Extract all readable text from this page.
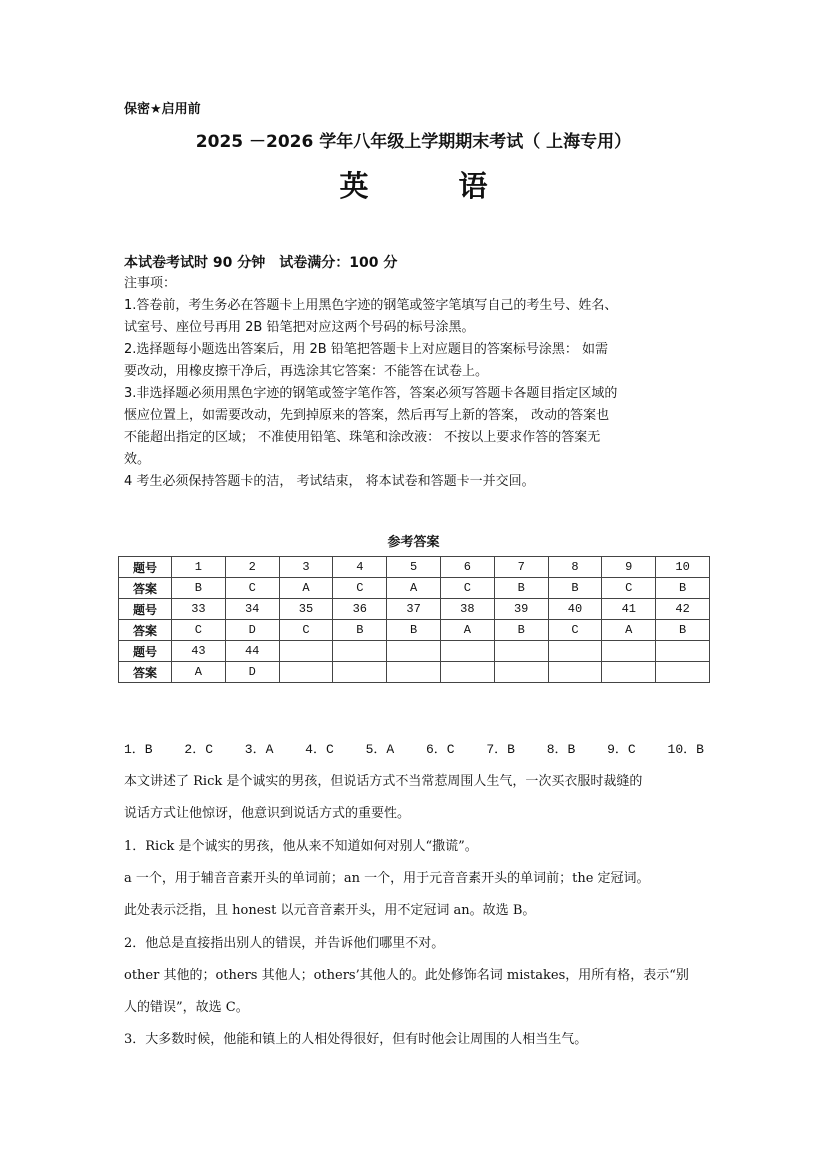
保密★启用前
2025 －2026 学年八年级上学期期末考试（ 上海专用）
英 语
本试卷考试时 90 分钟　试卷满分：100 分
注事项：
1.答卷前，考生务必在答题卡上用黑色字迹的钢笔或签字笔填写自己的考生号、姓名、
试室号、座位号再用 2B 铅笔把对应这两个号码的标号涂黑。
2.选择题每小题选出答案后，用 2B 铅笔把答题卡上对应题目的答案标号涂黑： 如需
要改动，用橡皮擦干净后，再选涂其它答案：不能答在试卷上。
3.非选择题必须用黑色字迹的钢笔或签字笔作答，答案必须写答题卡各题目指定区域的
惬应位置上，如需要改动，先到掉原来的答案，然后再写上新的答案， 改动的答案也
不能超出指定的区域； 不准使用铅笔、珠笔和涂改液： 不按以上要求作答的答案无
效。
4 考生必须保持答题卡的洁， 考试结束， 将本试卷和答题卡一并交回。
参考答案
题号	1	2	3	4	5	6	7	8	9	10
答案	B	C	A	C	A	C	B	B	C	B
题号	33	34	35	36	37	38	39	40	41	42
答案	C	D	C	B	B	A	B	C	A	B
题号	43	44								
答案	A	D								
1．B 2．C 3．A 4．C 5．A 6．C 7．B 8．B 9．C 10．B
本文讲述了 Rick 是个诚实的男孩，但说话方式不当常惹周围人生气，一次买衣服时裁缝的
说话方式让他惊讶，他意识到说话方式的重要性。
1．Rick 是个诚实的男孩，他从来不知道如何对别人“撒谎”。
a 一个，用于辅音音素开头的单词前；an 一个，用于元音音素开头的单词前；the 定冠词。
此处表示泛指，且 honest 以元音音素开头，用不定冠词 an。故选 B。
2．他总是直接指出别人的错误，并告诉他们哪里不对。
other 其他的；others 其他人；others’其他人的。此处修饰名词 mistakes，用所有格，表示“别
人的错误”，故选 C。
3．大多数时候，他能和镇上的人相处得很好，但有时他会让周围的人相当生气。
